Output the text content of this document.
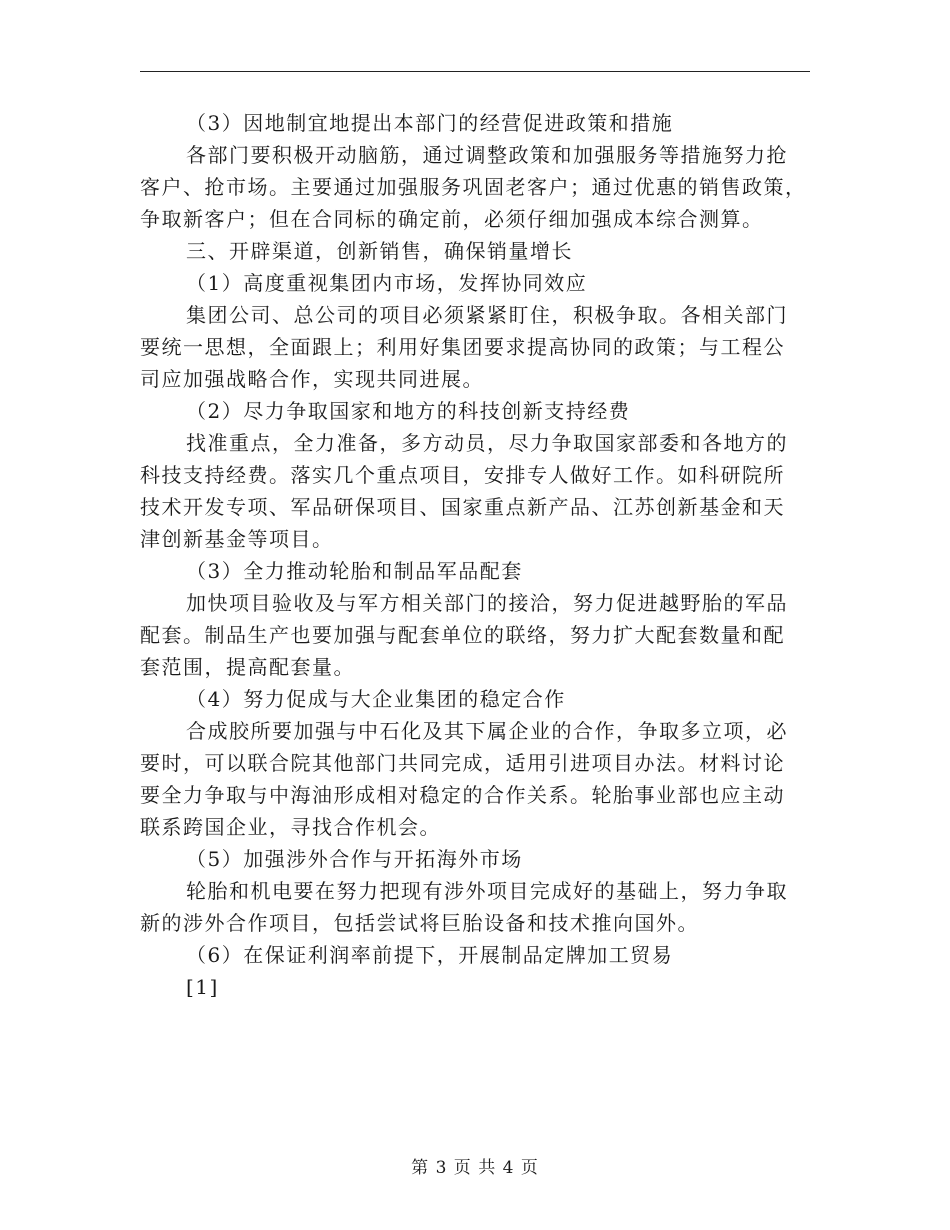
（3）因地制宜地提出本部门的经营促进政策和措施
各部门要积极开动脑筋，通过调整政策和加强服务等措施努力抢
客户、抢市场。主要通过加强服务巩固老客户；通过优惠的销售政策，
争取新客户；但在合同标的确定前，必须仔细加强成本综合测算。
三、开辟渠道，创新销售，确保销量增长
（1）高度重视集团内市场，发挥协同效应
集团公司、总公司的项目必须紧紧盯住，积极争取。各相关部门
要统一思想，全面跟上；利用好集团要求提高协同的政策；与工程公
司应加强战略合作，实现共同进展。
（2）尽力争取国家和地方的科技创新支持经费
找准重点，全力准备，多方动员，尽力争取国家部委和各地方的
科技支持经费。落实几个重点项目，安排专人做好工作。如科研院所
技术开发专项、军品研保项目、国家重点新产品、江苏创新基金和天
津创新基金等项目。
（3）全力推动轮胎和制品军品配套
加快项目验收及与军方相关部门的接洽，努力促进越野胎的军品
配套。制品生产也要加强与配套单位的联络，努力扩大配套数量和配
套范围，提高配套量。
（4）努力促成与大企业集团的稳定合作
合成胶所要加强与中石化及其下属企业的合作，争取多立项，必
要时，可以联合院其他部门共同完成，适用引进项目办法。材料讨论
要全力争取与中海油形成相对稳定的合作关系。轮胎事业部也应主动
联系跨国企业，寻找合作机会。
（5）加强涉外合作与开拓海外市场
轮胎和机电要在努力把现有涉外项目完成好的基础上，努力争取
新的涉外合作项目，包括尝试将巨胎设备和技术推向国外。
（6）在保证利润率前提下，开展制品定牌加工贸易
[1]
第 3 页 共 4 页
